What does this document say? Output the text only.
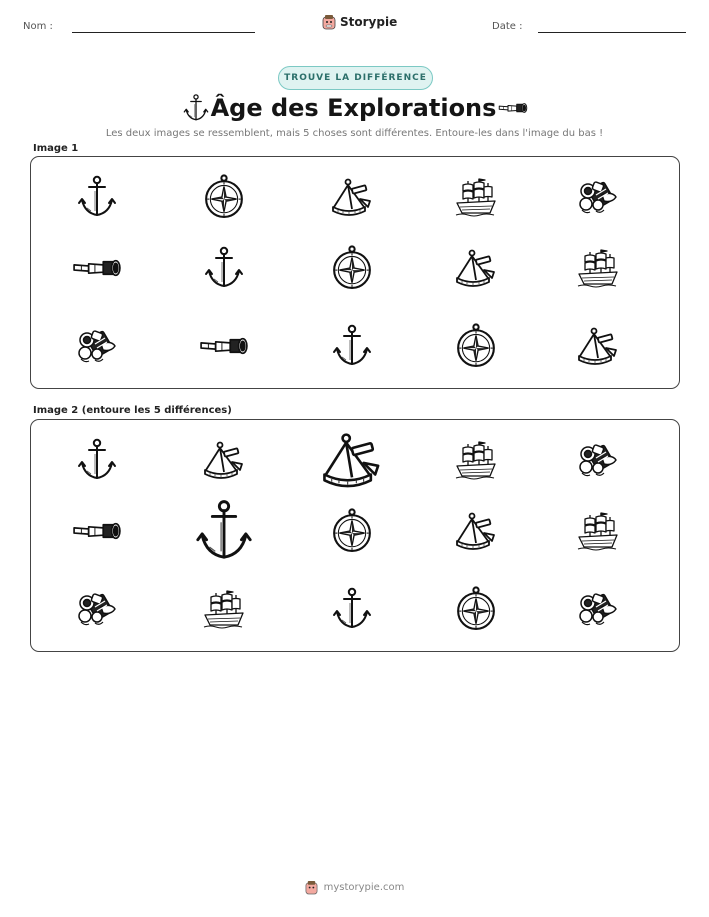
Nom :	Storypie	Date :
TROUVE LA DIFFÉRENCE
Âge des Explorations
Les deux images se ressemblent, mais 5 choses sont différentes. Entoure-les dans l'image du bas !
Image 1
Image 2 (entoure les 5 différences)
mystorypie.com
